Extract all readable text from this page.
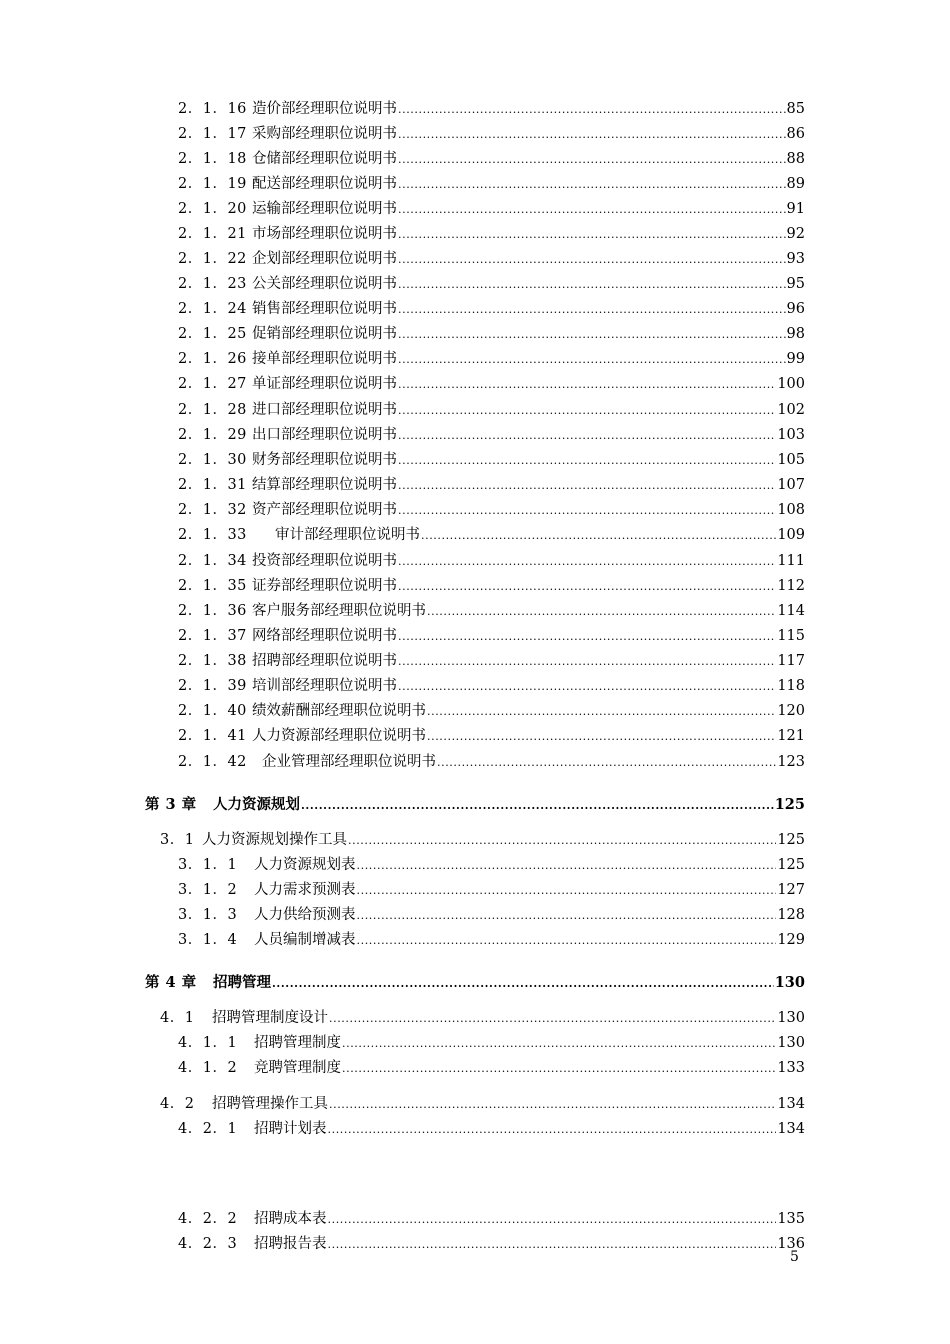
2．1．16 造价部经理职位说明书 .....	85
2．1．17 采购部经理职位说明书 .....	86
2．1．18 仓储部经理职位说明书 .....	88
2．1．19 配送部经理职位说明书 .....	89
2．1．20 运输部经理职位说明书 .....	91
2．1．21 市场部经理职位说明书 .....	92
2．1．22 企划部经理职位说明书 .....	93
2．1．23 公关部经理职位说明书 .....	95
2．1．24 销售部经理职位说明书 .....	96
2．1．25 促销部经理职位说明书 .....	98
2．1．26 接单部经理职位说明书 .....	99
2．1．27 单证部经理职位说明书 .....	100
2．1．28 进口部经理职位说明书 .....	102
2．1．29 出口部经理职位说明书 .....	103
2．1．30 财务部经理职位说明书 .....	105
2．1．31 结算部经理职位说明书 .....	107
2．1．32 资产部经理职位说明书 .....	108
2．1．33	审计部经理职位说明书 .....	109
2．1．34 投资部经理职位说明书 .....	111
2．1．35 证券部经理职位说明书 .....	112
2．1．36 客户服务部经理职位说明书 .....	114
2．1．37 网络部经理职位说明书 .....	115
2．1．38 招聘部经理职位说明书 .....	117
2．1．39 培训部经理职位说明书 .....	118
2．1．40 绩效薪酬部经理职位说明书 .....	120
2．1．41 人力资源部经理职位说明书 .....	121
2．1．42	企业管理部经理职位说明书 .....	123
第 3 章	人力资源规划 .....	125
3．1 人力资源规划操作工具 .....	125
3．1．1	人力资源规划表 .....	125
3．1．2	人力需求预测表 .....	127
3．1．3	人力供给预测表 .....	128
3．1．4	人员编制增减表 .....	129
第 4 章	招聘管理 .....	130
4．1	招聘管理制度设计 .....	130
4．1．1	招聘管理制度 .....	130
4．1．2	竞聘管理制度 .....	133
4．2	招聘管理操作工具 .....	134
4．2．1	招聘计划表 .....	134
4．2．2	招聘成本表 .....	135
4．2．3	招聘报告表 .....	136
5
